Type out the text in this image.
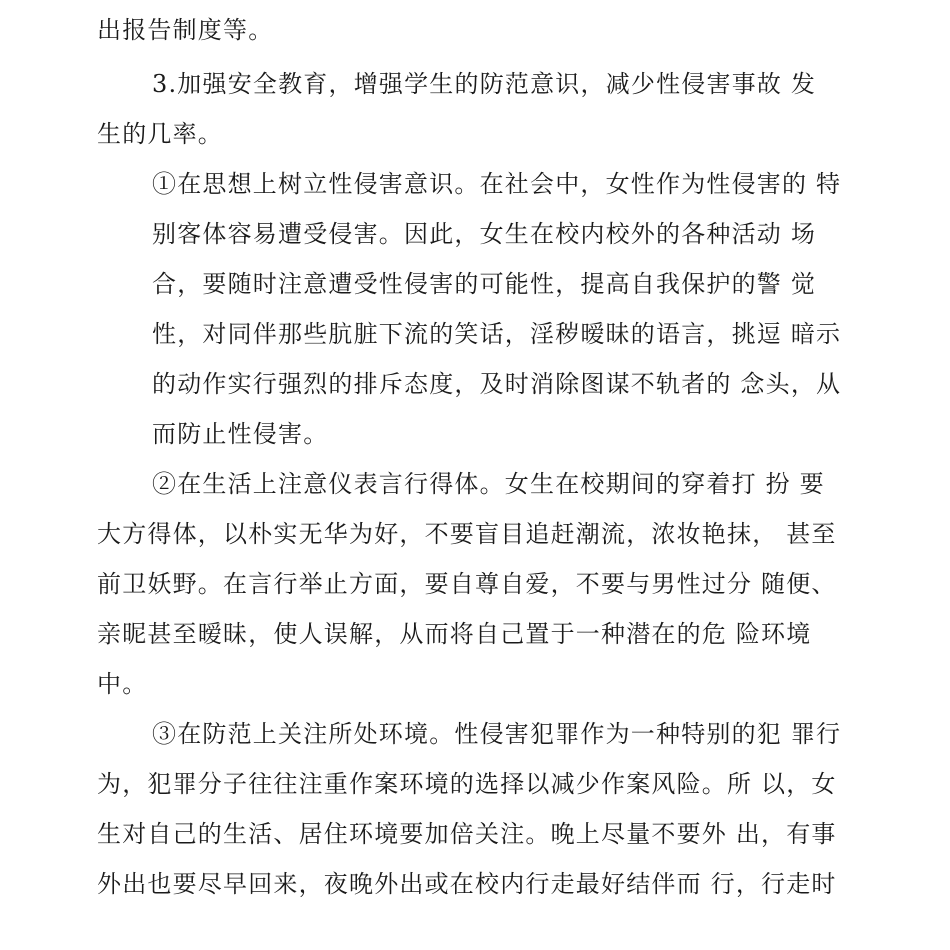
出报告制度等。
3.加强安全教育，增强学生的防范意识，减少性侵害事故 发
生的几率。
①在思想上树立性侵害意识。在社会中，女性作为性侵害的 特
别客体容易遭受侵害。因此，女生在校内校外的各种活动 场
合，要随时注意遭受性侵害的可能性，提高自我保护的警 觉
性，对同伴那些肮脏下流的笑话，淫秽暧昧的语言，挑逗 暗示
的动作实行强烈的排斥态度，及时消除图谋不轨者的 念头，从
而防止性侵害。
②在生活上注意仪表言行得体。女生在校期间的穿着打 扮 要
大方得体，以朴实无华为好，不要盲目追赶潮流，浓妆艳抹， 甚至
前卫妖野。在言行举止方面，要自尊自爱，不要与男性过分 随便、
亲昵甚至暧昧，使人误解，从而将自己置于一种潜在的危 险环境
中。
③在防范上关注所处环境。性侵害犯罪作为一种特别的犯 罪行
为，犯罪分子往往注重作案环境的选择以减少作案风险。所 以，女
生对自己的生活、居住环境要加倍关注。晚上尽量不要外 出，有事
外出也要尽早回来，夜晚外出或在校内行走最好结伴而 行，行走时
